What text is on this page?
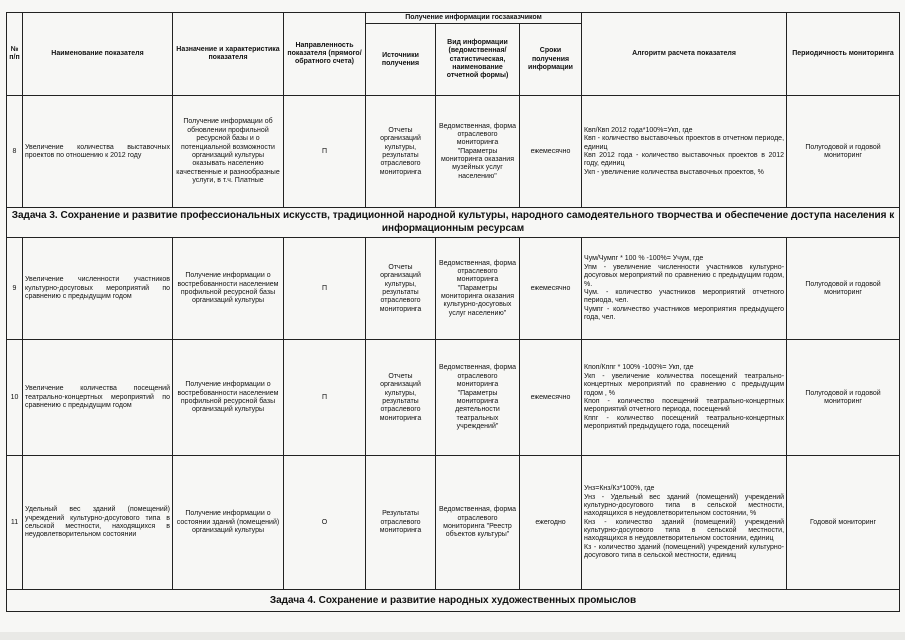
№ п/п	Наименование показателя	Назначение и характеристика показателя	Направленность показателя (прямого/ обратного счета)	Получение информации госзаказчиком			Алгоритм расчета показателя	Периодичность мониторинга
				Источники получения	Вид информации (ведомственная/ статистическая, наименование отчетной формы)	Сроки получения информации		
8	Увеличение количества выставочных проектов по отношению к 2012 году	Получение информации об обновлении профильной ресурсной базы и о потенциальной возможности организаций культуры оказывать населению качественные и разнообразные услуги, в т.ч. Платные	П	Отчеты организаций культуры, результаты отраслевого мониторинга	Ведомственная, форма отраслевого мониторинга "Параметры мониторинга оказания музейных услуг населению"	ежемесячно	Квп/Квп 2012 года*100%=Укп, где
Квп - количество выставочных проектов в отчетном периоде, единиц
Квп 2012 года - количество выставочных проектов в 2012 году, единиц
Укп - увеличение количества выставочных проектов, %	Полугодовой и годовой мониторинг
Задача 3. Сохранение и развитие профессиональных искусств, традиционной народной культуры, народного самодеятельного творчества и обеспечение доступа населения к информационным ресурсам								
9	Увеличение численности участников культурно-досуговых мероприятий по сравнению с предыдущим годом	Получение информации о востребованности населением профильной ресурсной базы организаций культуры	П	Отчеты организаций культуры, результаты отраслевого мониторинга	Ведомственная, форма отраслевого мониторинга "Параметры мониторинга оказания культурно-досуговых услуг населению"	ежемесячно	Чум/Чумпг * 100 % -100%= Учум, где
Упм - увеличение численности участников культурно-досуговых мероприятий по сравнению с предыдущим годом, %.
Чум. - количество участников мероприятий отчетного периода, чел.
Чумпг - количество участников мероприятия предыдущего года, чел.	Полугодовой и годовой мониторинг
10	Увеличение количества посещений театрально-концертных мероприятий по сравнению с предыдущим годом	Получение информации о востребованности населением профильной ресурсной базы организаций культуры	П	Отчеты организаций культуры, результаты отраслевого мониторинга	Ведомственная, форма отраслевого мониторинга "Параметры мониторинга деятельности театральных учреждений"	ежемесячно	Кпоп/Кппг * 100% -100%= Укп, где
Укп - увеличение количества посещений театрально-концертных мероприятий по сравнению с предыдущим годом , %
Кпоп - количество посещений театрально-концертных мероприятий отчетного периода, посещений
Кппг - количество посещений театрально-концертных мероприятий предыдущего года, посещений	Полугодовой и годовой мониторинг
11	Удельный вес зданий (помещений) учреждений культурно-досугового типа в сельской местности, находящихся в неудовлетворительном состоянии	Получение информации о состоянии зданий (помещений) организаций культуры	О	Результаты отраслевого мониторинга	Ведомственная, форма отраслевого мониторинга "Реестр объектов культуры"	ежегодно	Унз=Кнз/Кз*100%, где
Унз - Удельный вес зданий (помещений) учреждений культурно-досугового типа в сельской местности, находящихся в неудовлетворительном состоянии, %
Кнз - количество зданий (помещений) учреждений культурно-досугового типа в сельской местности, находящихся в неудовлетворительном состоянии, единиц
Кз - количество зданий (помещений) учреждений культурно-досугового типа в сельской местности, единиц	Годовой мониторинг
Задача 4. Сохранение и развитие народных художественных промыслов								
